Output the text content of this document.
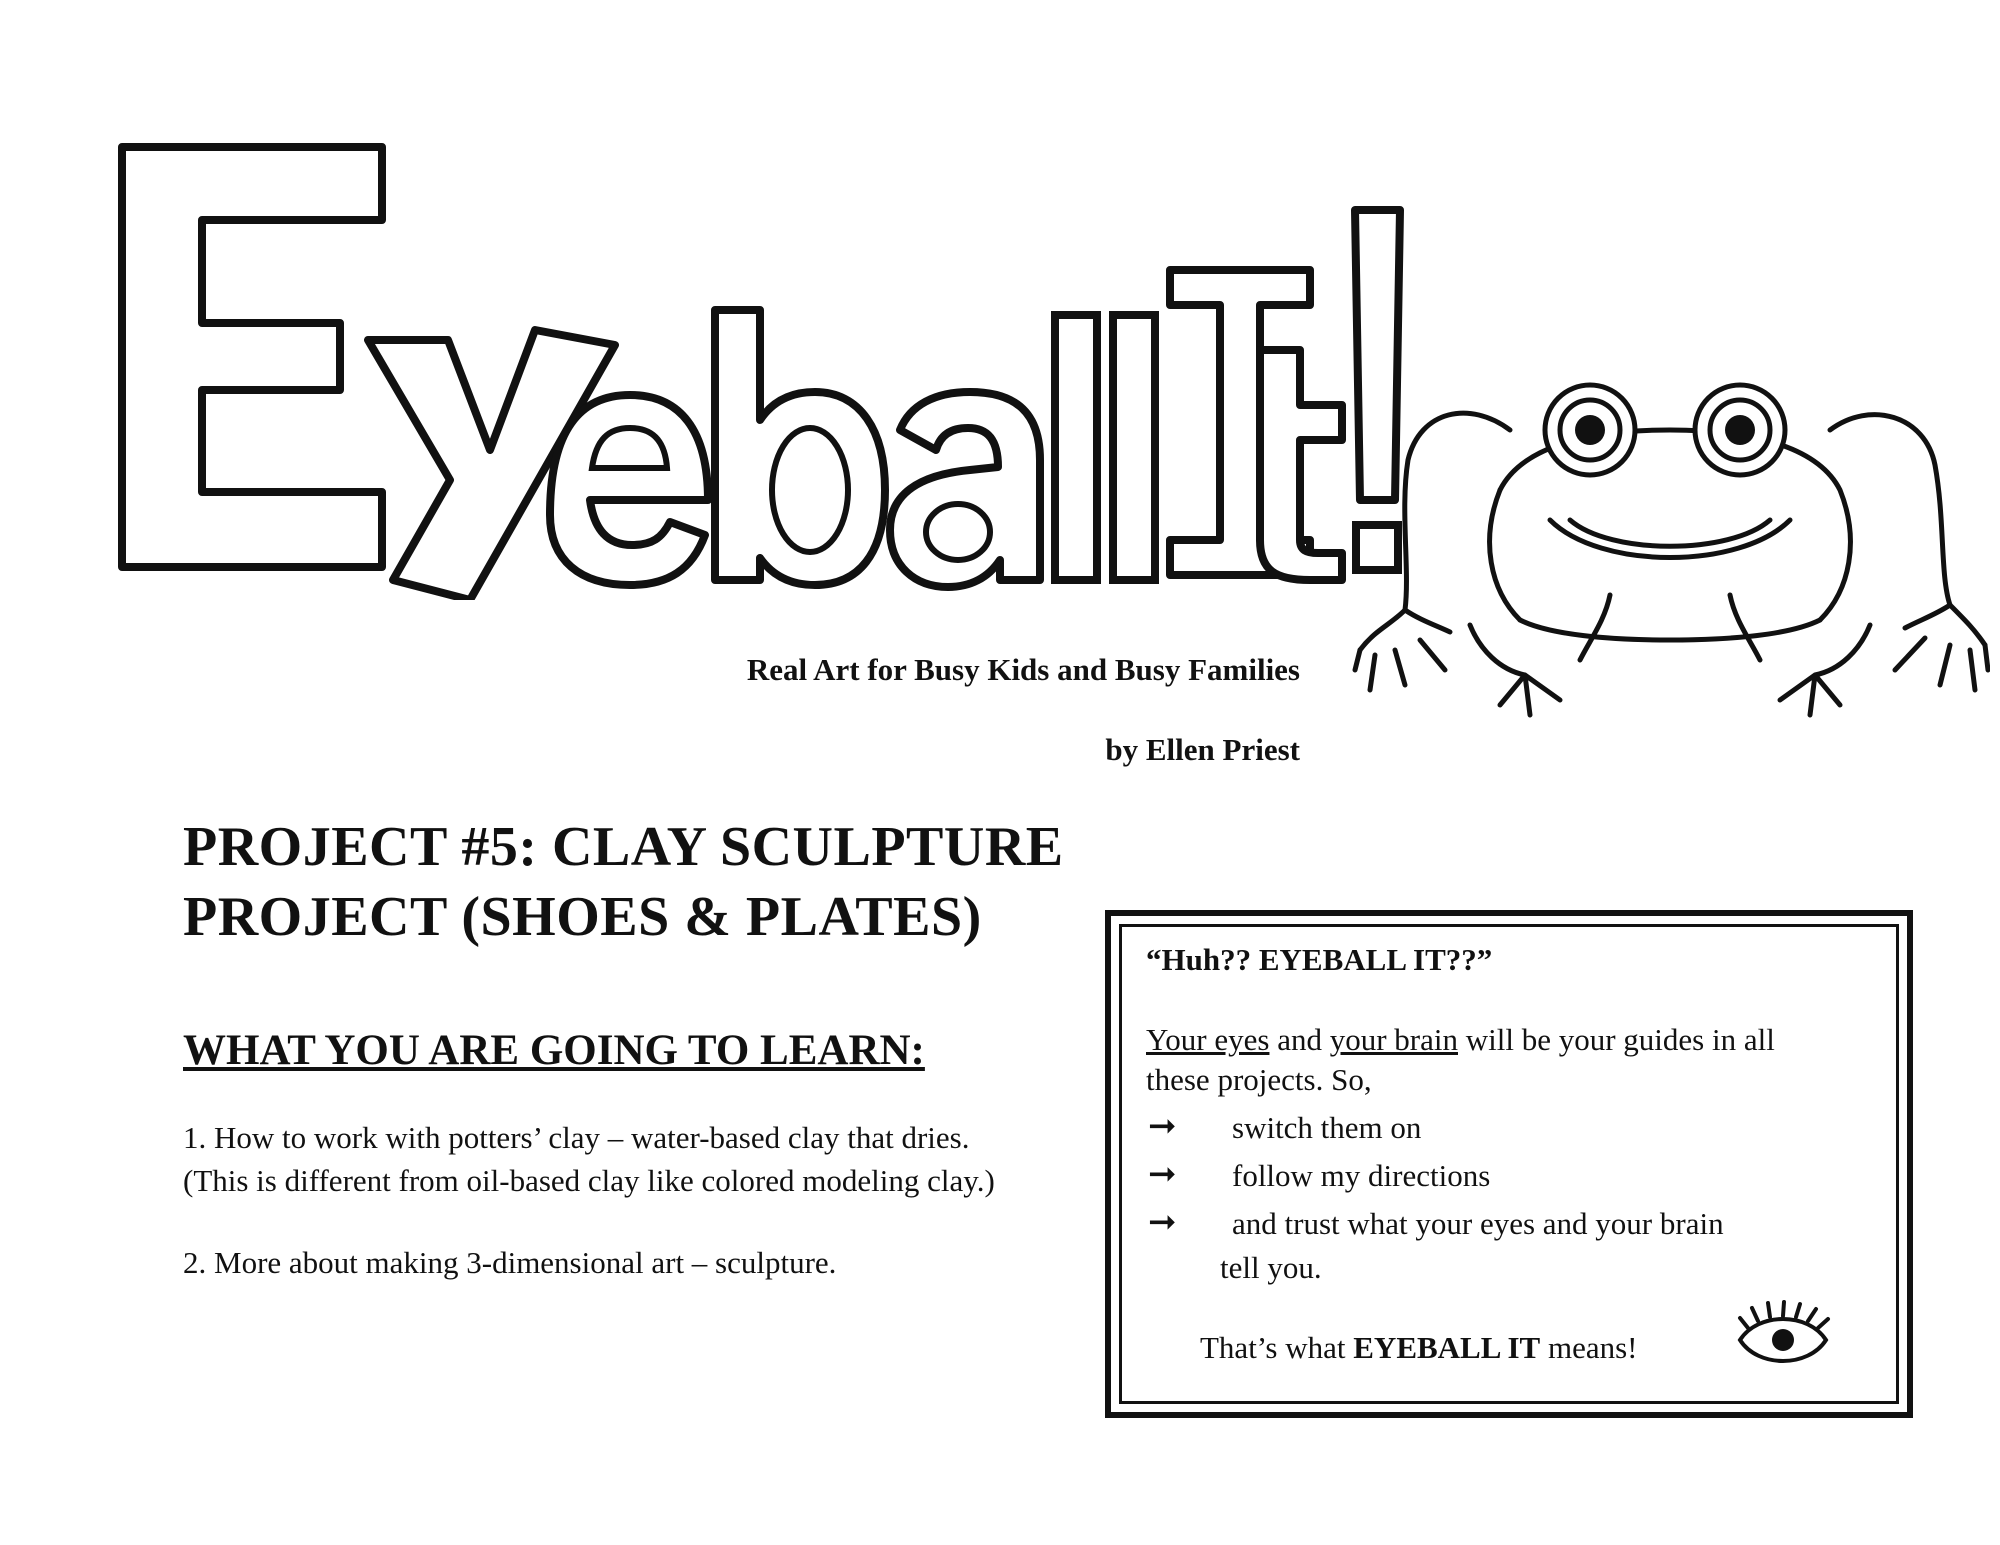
Real Art for Busy Kids and Busy Families
by Ellen Priest
PROJECT #5: CLAY SCULPTURE
PROJECT (SHOES & PLATES)
WHAT YOU ARE GOING TO LEARN:
1. How to work with potters’ clay – water-based clay that dries.
(This is different from oil-based clay like colored modeling clay.)
2. More about making 3-dimensional art – sculpture.
“Huh?? EYEBALL IT??”
Your eyes and your brain will be your guides in all
these projects. So,
➞ switch them on
➞ follow my directions
➞ and trust what your eyes and your brain
tell you.
That’s what EYEBALL IT means!
